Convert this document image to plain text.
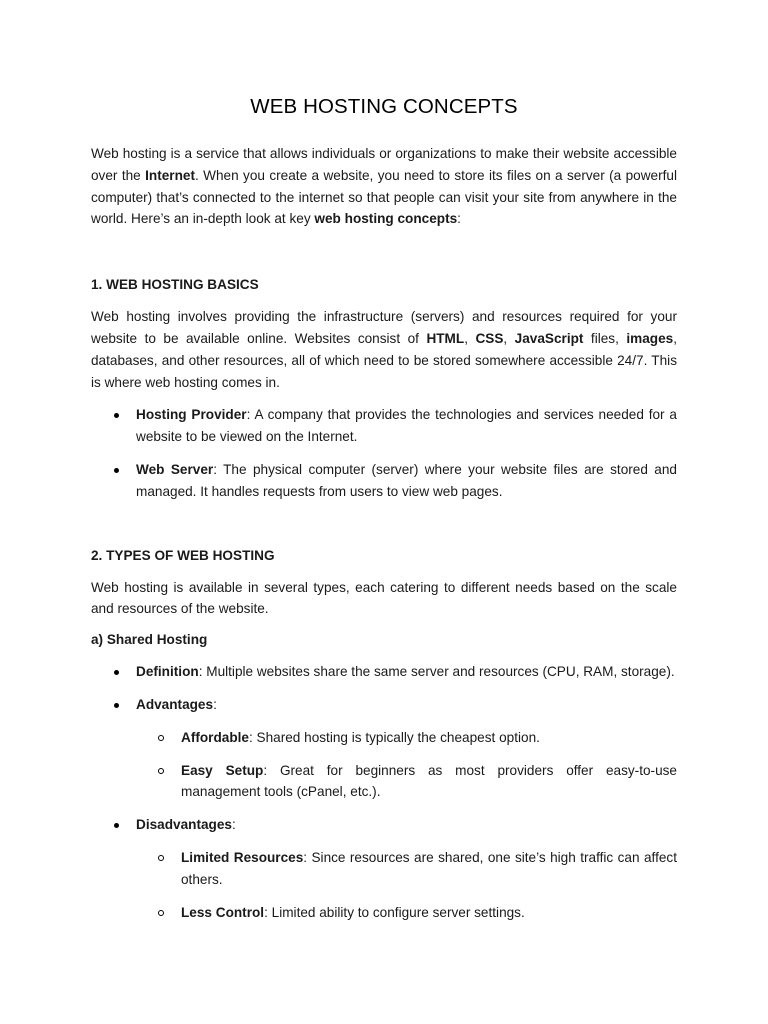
WEB HOSTING CONCEPTS

Web hosting is a service that allows individuals or organizations to make their website accessible over the Internet. When you create a website, you need to store its files on a server (a powerful computer) that’s connected to the internet so that people can visit your site from anywhere in the world. Here’s an in-depth look at key web hosting concepts:

1. WEB HOSTING BASICS

Web hosting involves providing the infrastructure (servers) and resources required for your website to be available online. Websites consist of HTML, CSS, JavaScript files, images, databases, and other resources, all of which need to be stored somewhere accessible 24/7. This is where web hosting comes in.

Hosting Provider: A company that provides the technologies and services needed for a website to be viewed on the Internet.
Web Server: The physical computer (server) where your website files are stored and managed. It handles requests from users to view web pages.
2. TYPES OF WEB HOSTING

Web hosting is available in several types, each catering to different needs based on the scale and resources of the website.

a) Shared Hosting
Definition: Multiple websites share the same server and resources (CPU, RAM, storage).
Advantages:
Affordable: Shared hosting is typically the cheapest option.
Easy Setup: Great for beginners as most providers offer easy-to-use management tools (cPanel, etc.).
Disadvantages:
Limited Resources: Since resources are shared, one site’s high traffic can affect others.
Less Control: Limited ability to configure server settings.
